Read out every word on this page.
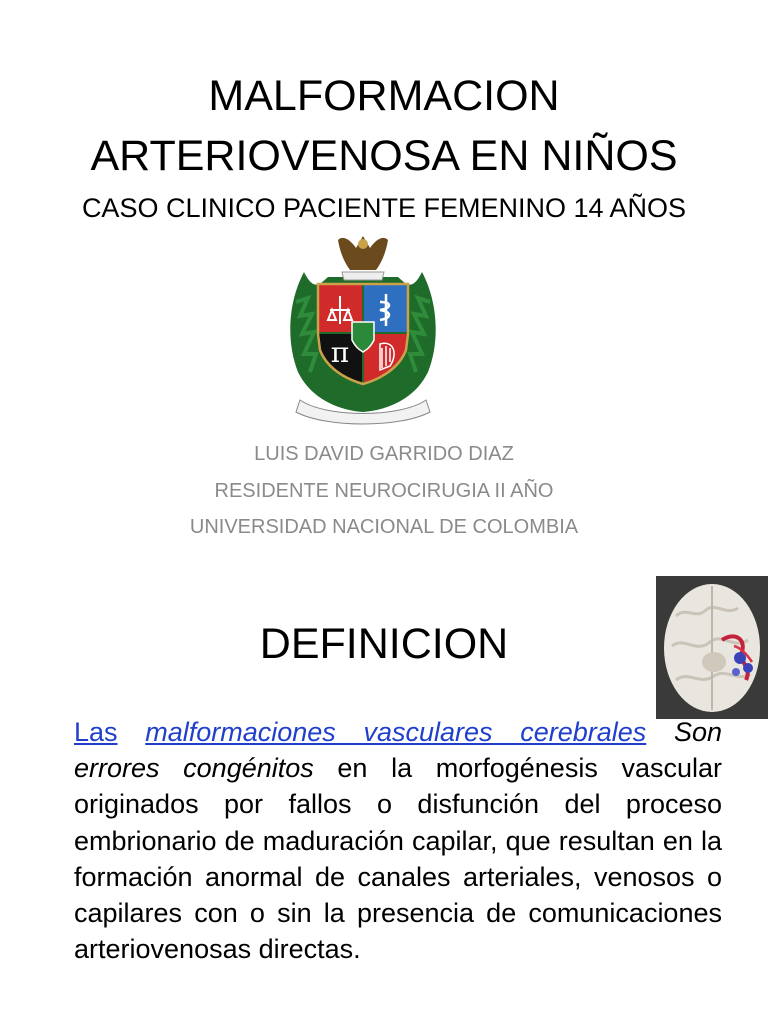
MALFORMACION
ARTERIOVENOSA EN NIÑOS
CASO CLINICO PACIENTE FEMENINO 14 AÑOS
π
LUIS DAVID GARRIDO DIAZ
RESIDENTE NEUROCIRUGIA II AÑO
UNIVERSIDAD NACIONAL DE COLOMBIA
DEFINICION
Las malformaciones vasculares cerebrales Son errores congénitos en la morfogénesis vascular originados por fallos o disfunción del proceso embrionario de maduración capilar, que resultan en la formación anormal de canales arteriales, venosos o capilares con o sin la presencia de comunicaciones
arteriovenosas directas.
